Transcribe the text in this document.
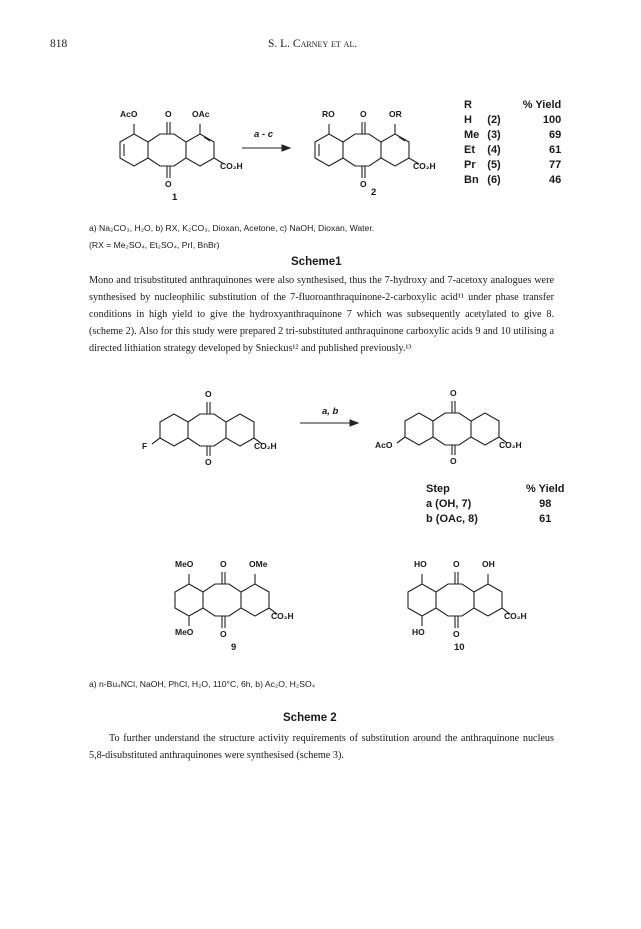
818	S. L. Carney et al.
AcO	O OAc
CO₂H
O
1
a - c
RO	O	OR
CO₂H
O
2
R		% Yield
H	(2)	100
Me	(3)	69
Et	(4)	61
Pr	(5)	77
Bn	(6)	46
a) Na₂CO₃, H₂O, b) RX, K₂CO₃, Dioxan, Acetone, c) NaOH, Dioxan, Water.
(RX = Me₂SO₄, Et₂SO₄, PrI, BnBr)
Scheme1

Mono and trisubstituted anthraquinones were also synthesised, thus the 7-hydroxy and 7-acetoxy analogues were synthesised by nucleophilic substitution of the 7-fluoroanthraquinone-2-carboxylic acid¹¹ under phase transfer conditions in high yield to give the hydroxyanthraquinone 7 which was subsequently acetylated to give 8. (scheme 2). Also for this study were prepared 2 tri-substituted anthraquinone carboxylic acids 9 and 10 utilising a directed lithiation strategy developed by Snieckus¹² and published previously.¹³

O
F	CO₂H
O
a, b
O
AcO	CO₂H
O
Step	% Yield
a (OH, 7)	98
b (OAc, 8)	61
MeO	O	OMe
CO₂H
MeO	O
9
HO	O	OH
CO₂H
HO	O
10
a) n-Bu₄NCl, NaOH, PhCl, H₂O, 110°C, 6h, b) Ac₂O, H₂SO₄
Scheme 2

To further understand the structure activity requirements of substitution around the anthraquinone nucleus 5,8-disubstituted anthraquinones were synthesised (scheme 3).
